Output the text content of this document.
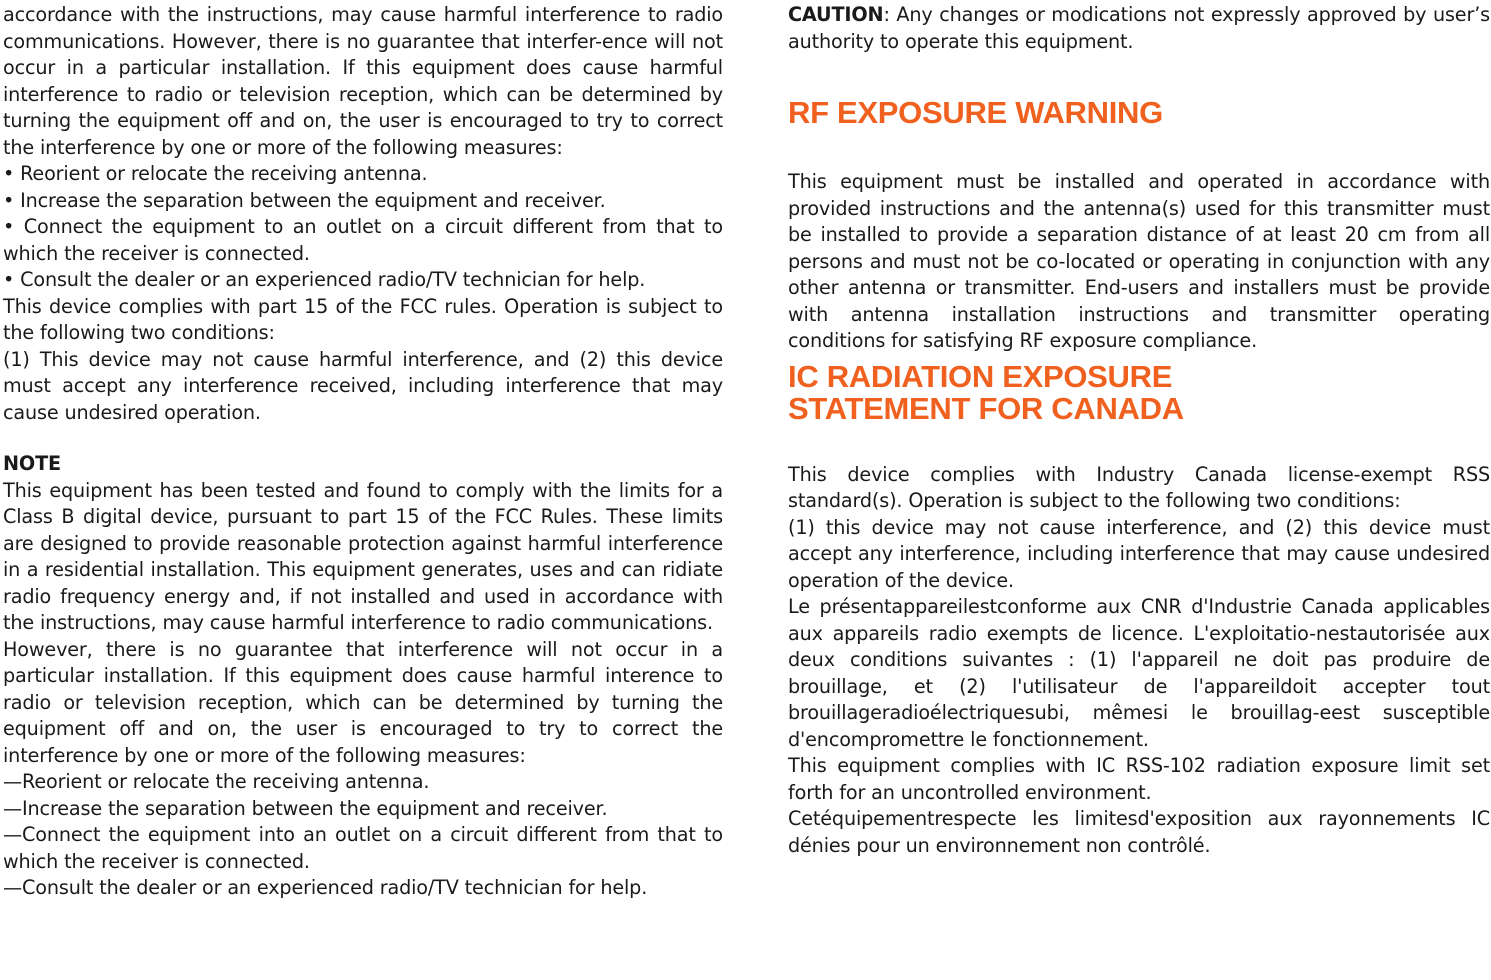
accordance with the instructions, may cause harmful interference to radio communications. However, there is no guarantee that interfer-ence will not occur in a particular installation. If this equipment does cause harmful interference to radio or television reception, which can be determined by turning the equipment off and on, the user is encouraged to try to correct the interference by one or more of the following measures:

• Reorient or relocate the receiving antenna.

• Increase the separation between the equipment and receiver.

• Connect the equipment to an outlet on a circuit different from that to which the receiver is connected.

• Consult the dealer or an experienced radio/TV technician for help.

This device complies with part 15 of the FCC rules. Operation is subject to the following two conditions:

(1) This device may not cause harmful interference, and (2) this device must accept any interference received, including interference that may cause undesired operation.

NOTE

This equipment has been tested and found to comply with the limits for a Class B digital device, pursuant to part 15 of the FCC Rules. These limits are designed to provide reasonable protection against harmful interference in a residential installation. This equipment generates, uses and can ridiate radio frequency energy and, if not installed and used in accordance with the instructions, may cause harmful interference to radio communications.

However, there is no guarantee that interference will not occur in a particular installation. If this equipment does cause harmful interence to radio or television reception, which can be determined by turning the equipment off and on, the user is encouraged to try to correct the interference by one or more of the following measures:

—Reorient or relocate the receiving antenna.

—Increase the separation between the equipment and receiver.

—Connect the equipment into an outlet on a circuit different from that to which the receiver is connected.

—Consult the dealer or an experienced radio/TV technician for help.

CAUTION: Any changes or modications not expressly approved by user’s authority to operate this equipment.

RF EXPOSURE WARNING

This equipment must be installed and operated in accordance with provided instructions and the antenna(s) used for this transmitter must be installed to provide a separation distance of at least 20 cm from all persons and must not be co-located or operating in conjunction with any other antenna or transmitter. End-users and installers must be provide with antenna installation instructions and transmitter operating conditions for satisfying RF exposure compliance.

IC RADIATION EXPOSURE
STATEMENT FOR CANADA

This device complies with Industry Canada license-exempt RSS standard(s). Operation is subject to the following two conditions:

(1) this device may not cause interference, and (2) this device must accept any interference, including interference that may cause undesired operation of the device.

Le présentappareilestconforme aux CNR d'Industrie Canada applicables aux appareils radio exempts de licence. L'exploitatio-nestautorisée aux deux conditions suivantes : (1) l'appareil ne doit pas produire de brouillage, et (2) l'utilisateur de l'appareildoit accepter tout brouillageradioélectriquesubi, mêmesi le brouillag-eest susceptible d'encompromettre le fonctionnement.

This equipment complies with IC RSS-102 radiation exposure limit set forth for an uncontrolled environment.

Cetéquipementrespecte les limitesd'exposition aux rayonnements IC dénies pour un environnement non contrôlé.
